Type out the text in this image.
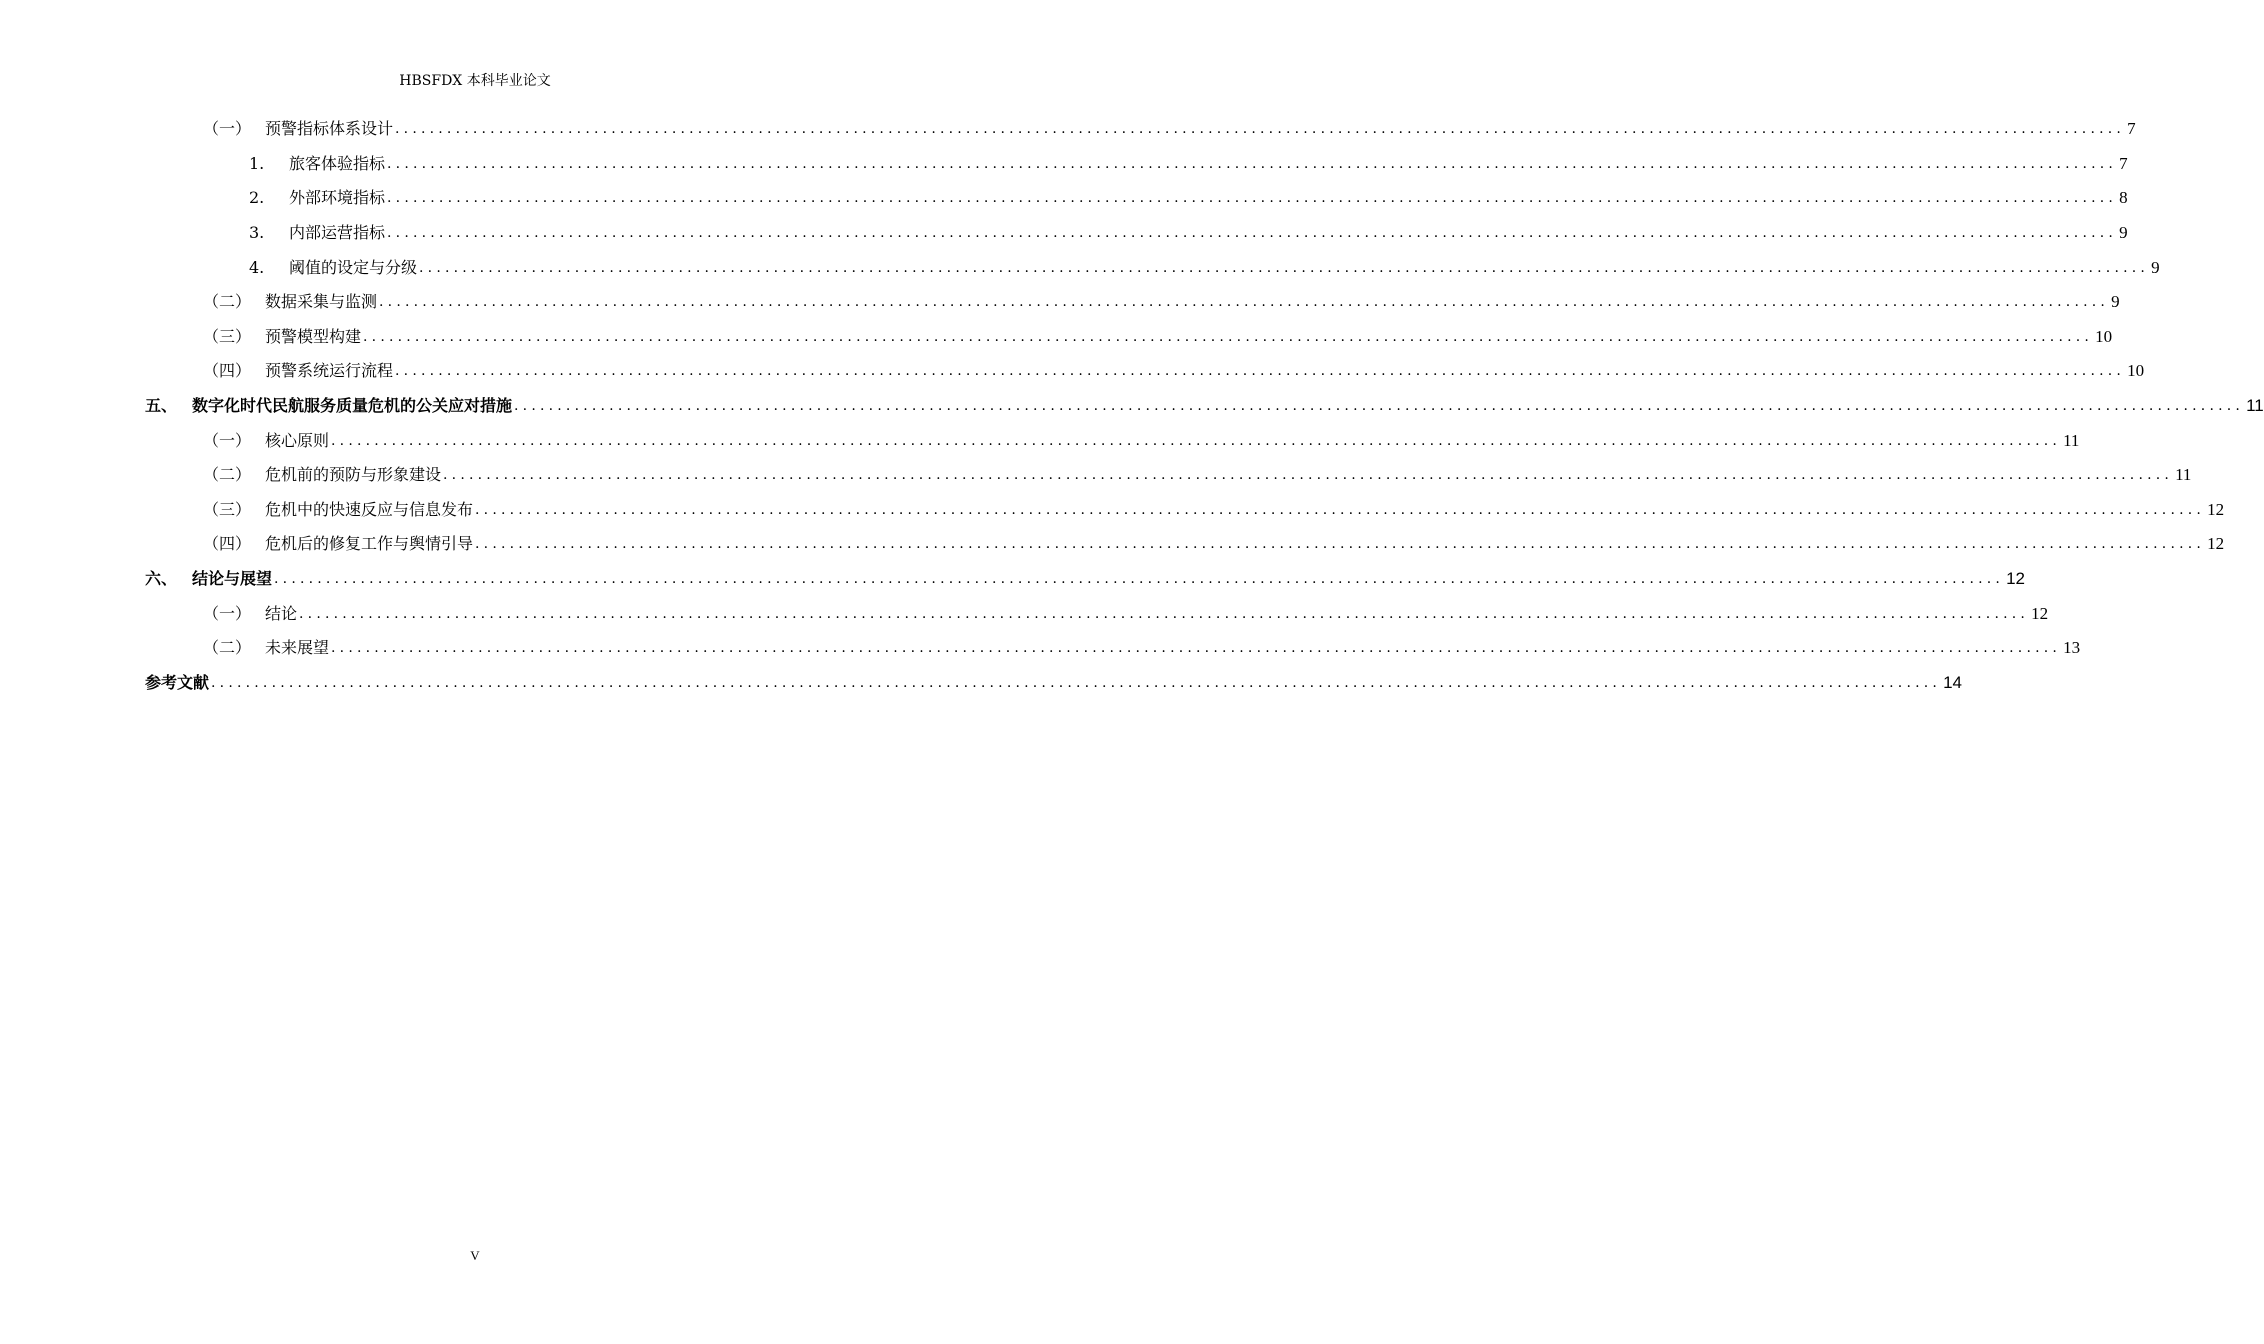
HBSFDX 本科毕业论文
（一） 预警指标体系设计 ........................................................................................................................................................................................................ 7
1.	旅客体验指标 ........................................................................................................................................................................................................ 7
2.	外部环境指标 ........................................................................................................................................................................................................ 8
3.	内部运营指标 ........................................................................................................................................................................................................ 9
4.	阈值的设定与分级 ........................................................................................................................................................................................................ 9
（二） 数据采集与监测 ........................................................................................................................................................................................................ 9
（三） 预警模型构建 ........................................................................................................................................................................................................ 10
（四） 预警系统运行流程 ........................................................................................................................................................................................................ 10
五、 数字化时代民航服务质量危机的公关应对措施 ........................................................................................................................................................................................................ 11
（一） 核心原则 ........................................................................................................................................................................................................ 11
（二） 危机前的预防与形象建设 ........................................................................................................................................................................................................ 11
（三） 危机中的快速反应与信息发布 ........................................................................................................................................................................................................ 12
（四） 危机后的修复工作与舆情引导 ........................................................................................................................................................................................................ 12
六、 结论与展望 ........................................................................................................................................................................................................ 12
（一） 结论 ........................................................................................................................................................................................................ 12
（二） 未来展望 ........................................................................................................................................................................................................ 13
参考文献 ........................................................................................................................................................................................................ 14
V
